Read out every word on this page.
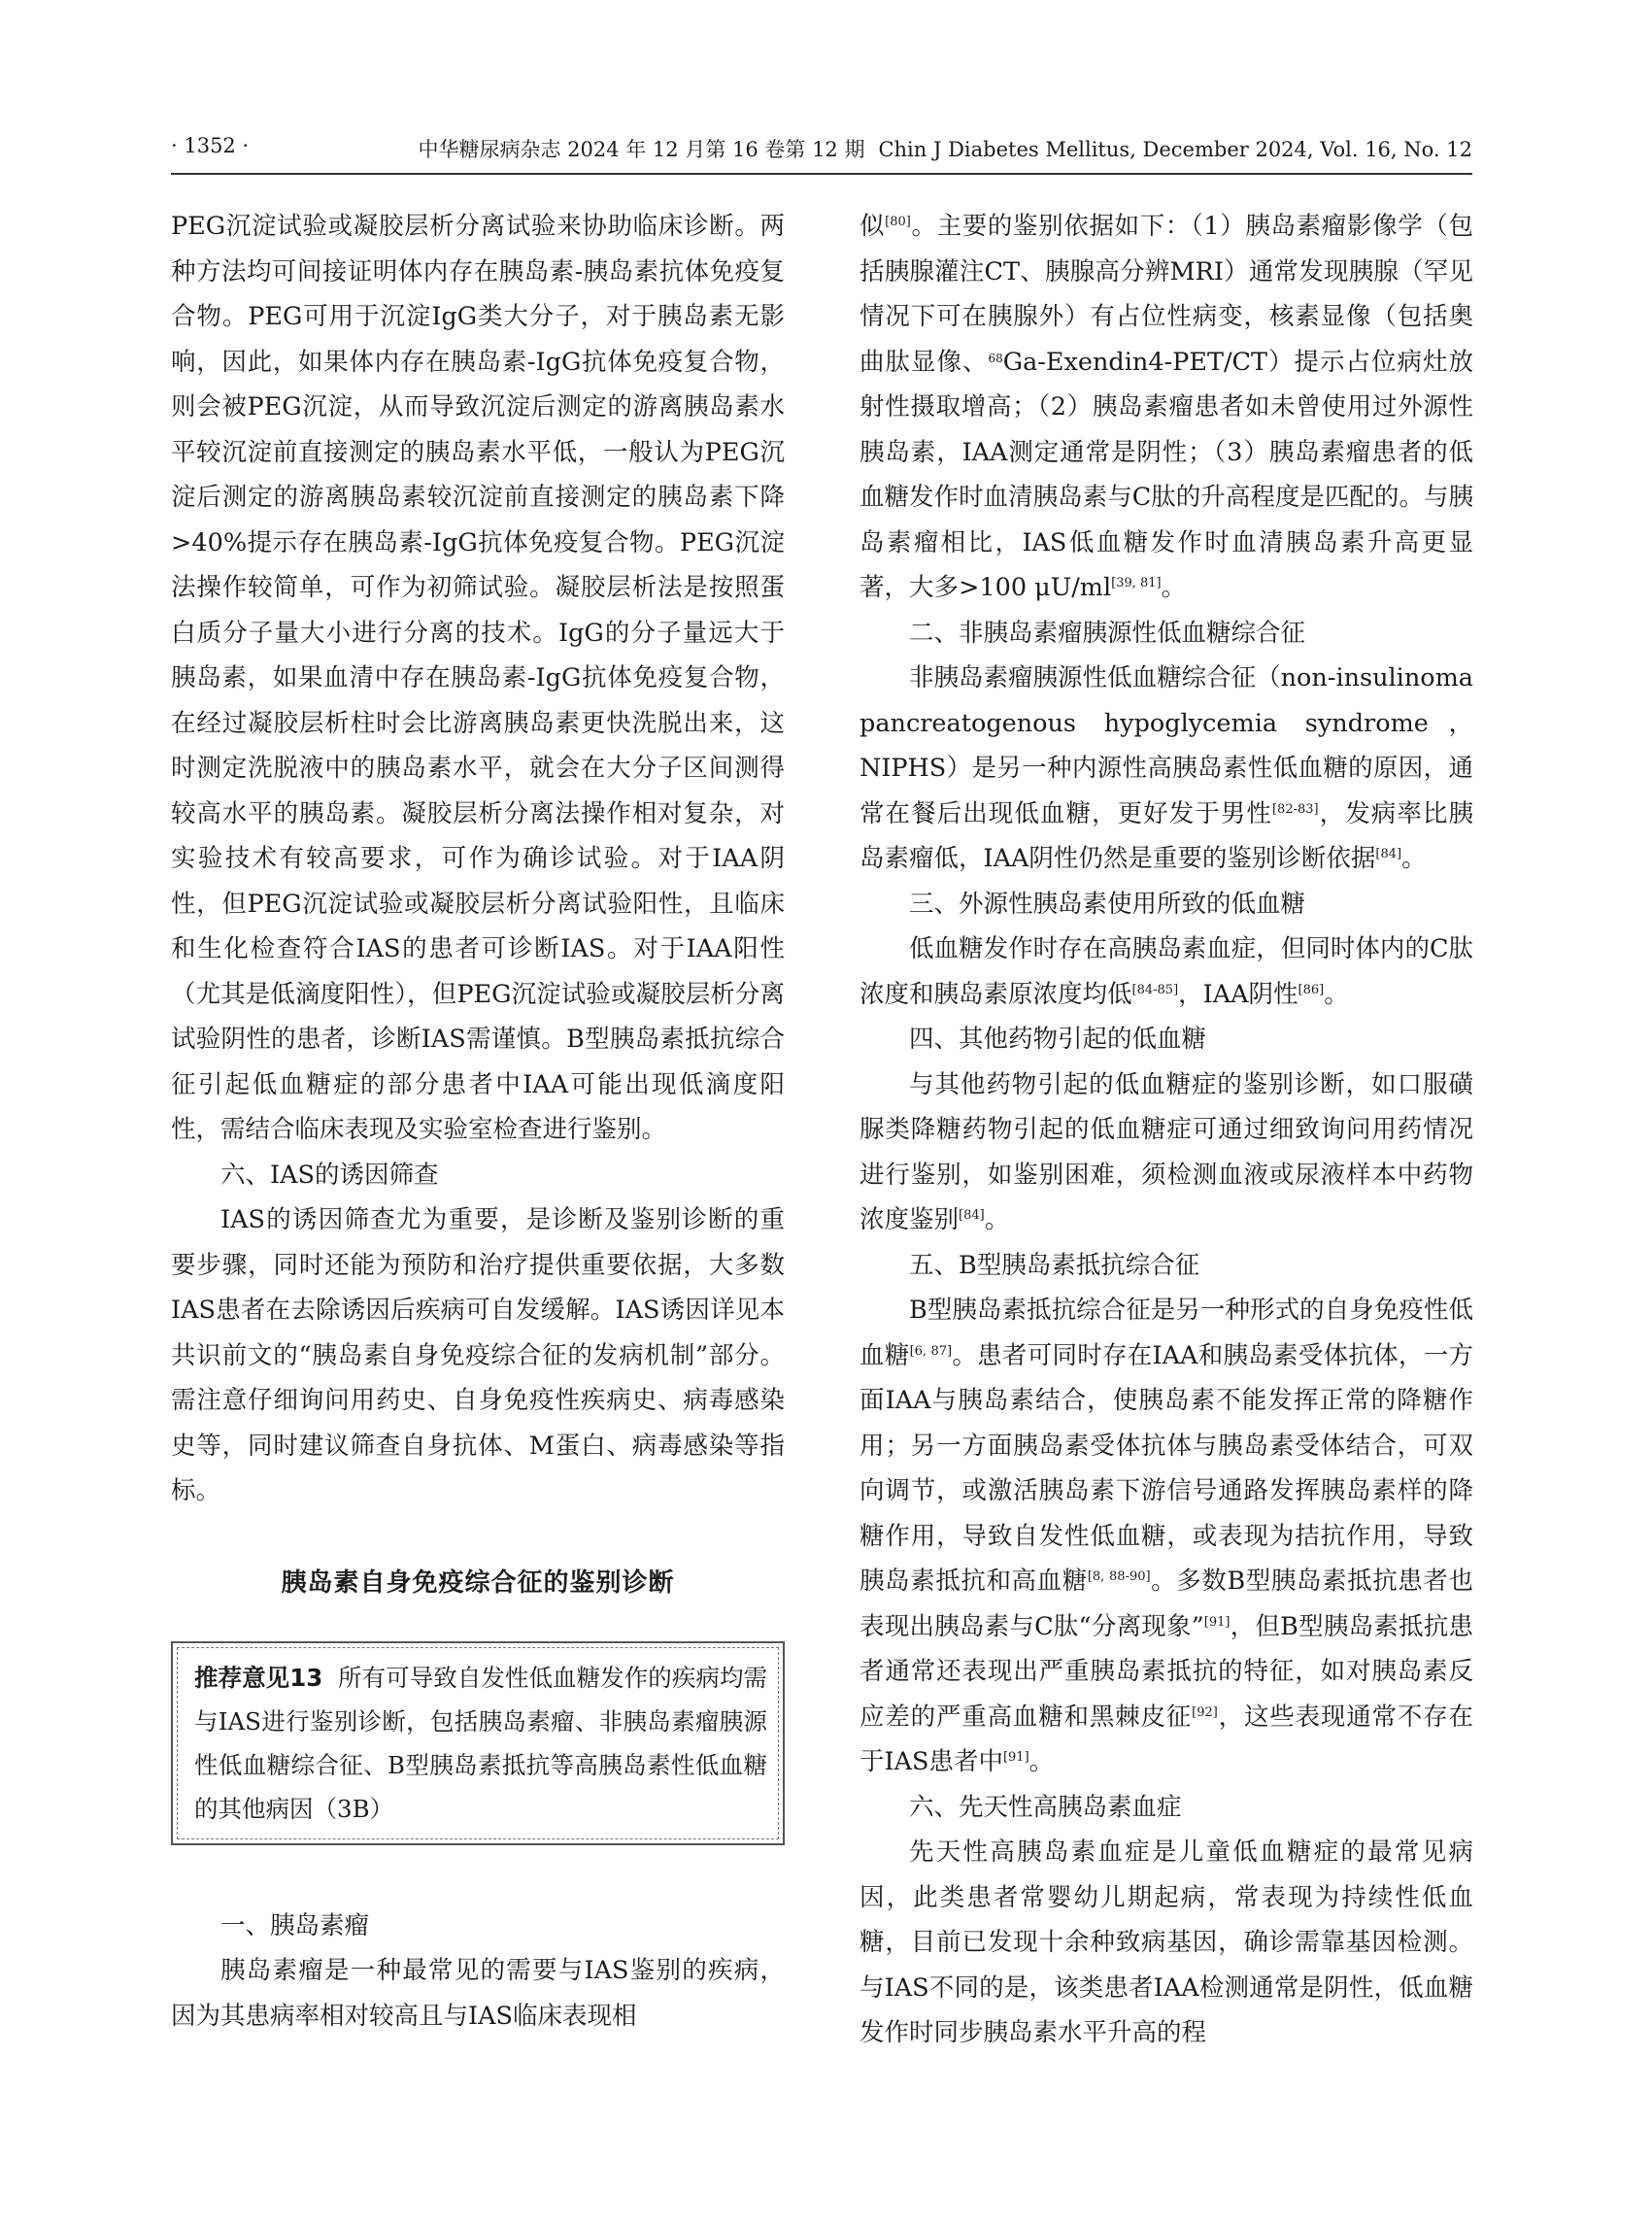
· 1352 ·	中华糖尿病杂志 2024 年 12 月第 16 卷第 12 期 Chin J Diabetes Mellitus, December 2024, Vol. 16, No. 12

PEG沉淀试验或凝胶层析分离试验来协助临床诊断。两种方法均可间接证明体内存在胰岛素-胰岛素抗体免疫复合物。PEG可用于沉淀IgG类大分子，对于胰岛素无影响，因此，如果体内存在胰岛素-IgG抗体免疫复合物，则会被PEG沉淀，从而导致沉淀后测定的游离胰岛素水平较沉淀前直接测定的胰岛素水平低，一般认为PEG沉淀后测定的游离胰岛素较沉淀前直接测定的胰岛素下降>40%提示存在胰岛素-IgG抗体免疫复合物。PEG沉淀法操作较简单，可作为初筛试验。凝胶层析法是按照蛋白质分子量大小进行分离的技术。IgG的分子量远大于胰岛素，如果血清中存在胰岛素-IgG抗体免疫复合物，在经过凝胶层析柱时会比游离胰岛素更快洗脱出来，这时测定洗脱液中的胰岛素水平，就会在大分子区间测得较高水平的胰岛素。凝胶层析分离法操作相对复杂，对实验技术有较高要求，可作为确诊试验。对于IAA阴性，但PEG沉淀试验或凝胶层析分离试验阳性，且临床和生化检查符合IAS的患者可诊断IAS。对于IAA阳性（尤其是低滴度阳性），但PEG沉淀试验或凝胶层析分离试验阴性的患者，诊断IAS需谨慎。B型胰岛素抵抗综合征引起低血糖症的部分患者中IAA可能出现低滴度阳性，需结合临床表现及实验室检查进行鉴别。

六、IAS的诱因筛查

IAS的诱因筛查尤为重要，是诊断及鉴别诊断的重要步骤，同时还能为预防和治疗提供重要依据，大多数IAS患者在去除诱因后疾病可自发缓解。IAS诱因详见本共识前文的“胰岛素自身免疫综合征的发病机制”部分。需注意仔细询问用药史、自身免疫性疾病史、病毒感染史等，同时建议筛查自身抗体、M蛋白、病毒感染等指标。

胰岛素自身免疫综合征的鉴别诊断

推荐意见13 所有可导致自发性低血糖发作的疾病均需与IAS进行鉴别诊断，包括胰岛素瘤、非胰岛素瘤胰源性低血糖综合征、B型胰岛素抵抗等高胰岛素性低血糖的其他病因（3B）

一、胰岛素瘤

胰岛素瘤是一种最常见的需要与IAS鉴别的疾病，因为其患病率相对较高且与IAS临床表现相

似[80]。主要的鉴别依据如下：（1）胰岛素瘤影像学（包括胰腺灌注CT、胰腺高分辨MRI）通常发现胰腺（罕见情况下可在胰腺外）有占位性病变，核素显像（包括奥曲肽显像、$^{68}$Ga-Exendin4-PET/CT）提示占位病灶放射性摄取增高；（2）胰岛素瘤患者如未曾使用过外源性胰岛素，IAA测定通常是阴性；（3）胰岛素瘤患者的低血糖发作时血清胰岛素与C肽的升高程度是匹配的。与胰岛素瘤相比，IAS低血糖发作时血清胰岛素升高更显著，大多>100 μU/ml[39, 81]。

二、非胰岛素瘤胰源性低血糖综合征

非胰岛素瘤胰源性低血糖综合征（non-insulinoma pancreatogenous hypoglycemia syndrome，NIPHS）是另一种内源性高胰岛素性低血糖的原因，通常在餐后出现低血糖，更好发于男性[82-83]，发病率比胰岛素瘤低，IAA阴性仍然是重要的鉴别诊断依据[84]。

三、外源性胰岛素使用所致的低血糖

低血糖发作时存在高胰岛素血症，但同时体内的C肽浓度和胰岛素原浓度均低[84-85]，IAA阴性[86]。

四、其他药物引起的低血糖

与其他药物引起的低血糖症的鉴别诊断，如口服磺脲类降糖药物引起的低血糖症可通过细致询问用药情况进行鉴别，如鉴别困难，须检测血液或尿液样本中药物浓度鉴别[84]。

五、B型胰岛素抵抗综合征

B型胰岛素抵抗综合征是另一种形式的自身免疫性低血糖[6, 87]。患者可同时存在IAA和胰岛素受体抗体，一方面IAA与胰岛素结合，使胰岛素不能发挥正常的降糖作用；另一方面胰岛素受体抗体与胰岛素受体结合，可双向调节，或激活胰岛素下游信号通路发挥胰岛素样的降糖作用，导致自发性低血糖，或表现为拮抗作用，导致胰岛素抵抗和高血糖[8, 88-90]。多数B型胰岛素抵抗患者也表现出胰岛素与C肽“分离现象”[91]，但B型胰岛素抵抗患者通常还表现出严重胰岛素抵抗的特征，如对胰岛素反应差的严重高血糖和黑棘皮征[92]，这些表现通常不存在于IAS患者中[91]。

六、先天性高胰岛素血症

先天性高胰岛素血症是儿童低血糖症的最常见病因，此类患者常婴幼儿期起病，常表现为持续性低血糖，目前已发现十余种致病基因，确诊需靠基因检测。与IAS不同的是，该类患者IAA检测通常是阴性，低血糖发作时同步胰岛素水平升高的程
